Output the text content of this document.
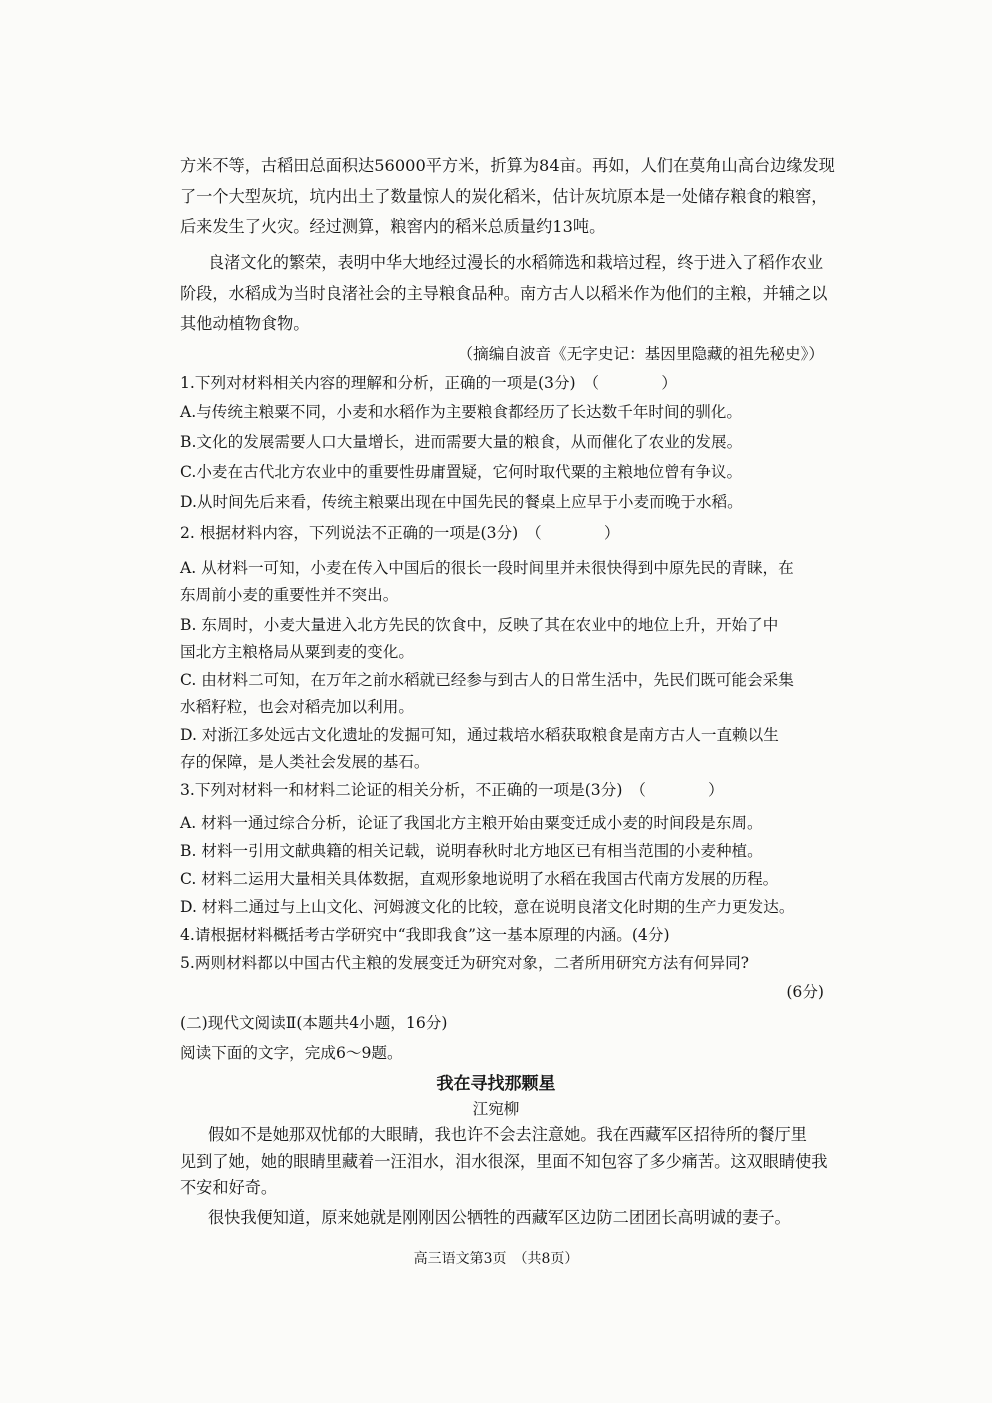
方米不等，古稻田总面积达56000平方米，折算为84亩。再如，人们在莫角山高台边缘发现
了一个大型灰坑，坑内出土了数量惊人的炭化稻米，估计灰坑原本是一处储存粮食的粮窖，
后来发生了火灾。经过测算，粮窖内的稻米总质量约13吨。
良渚文化的繁荣，表明中华大地经过漫长的水稻筛选和栽培过程，终于进入了稻作农业
阶段，水稻成为当时良渚社会的主导粮食品种。南方古人以稻米作为他们的主粮，并辅之以
其他动植物食物。
（摘编自波音《无字史记：基因里隐藏的祖先秘史》）
1.下列对材料相关内容的理解和分析，正确的一项是(3分)　（　　　　）
A.与传统主粮粟不同，小麦和水稻作为主要粮食都经历了长达数千年时间的驯化。
B.文化的发展需要人口大量增长，进而需要大量的粮食，从而催化了农业的发展。
C.小麦在古代北方农业中的重要性毋庸置疑，它何时取代粟的主粮地位曾有争议。
D.从时间先后来看，传统主粮粟出现在中国先民的餐桌上应早于小麦而晚于水稻。
2. 根据材料内容，下列说法不正确的一项是(3分)　（　　　　）
A. 从材料一可知，小麦在传入中国后的很长一段时间里并未很快得到中原先民的青睐，在
东周前小麦的重要性并不突出。
B. 东周时，小麦大量进入北方先民的饮食中，反映了其在农业中的地位上升，开始了中
国北方主粮格局从粟到麦的变化。
C. 由材料二可知，在万年之前水稻就已经参与到古人的日常生活中，先民们既可能会采集
水稻籽粒，也会对稻壳加以利用。
D. 对浙江多处远古文化遗址的发掘可知，通过栽培水稻获取粮食是南方古人一直赖以生
存的保障，是人类社会发展的基石。
3.下列对材料一和材料二论证的相关分析，不正确的一项是(3分)　（　　　　）
A. 材料一通过综合分析，论证了我国北方主粮开始由粟变迁成小麦的时间段是东周。
B. 材料一引用文献典籍的相关记载，说明春秋时北方地区已有相当范围的小麦种植。
C. 材料二运用大量相关具体数据，直观形象地说明了水稻在我国古代南方发展的历程。
D. 材料二通过与上山文化、河姆渡文化的比较，意在说明良渚文化时期的生产力更发达。
4.请根据材料概括考古学研究中“我即我食”这一基本原理的内涵。(4分)
5.两则材料都以中国古代主粮的发展变迁为研究对象，二者所用研究方法有何异同?
(6分)
(二)现代文阅读Ⅱ(本题共4小题，16分)
阅读下面的文字，完成6～9题。
我在寻找那颗星
江宛柳
假如不是她那双忧郁的大眼睛，我也许不会去注意她。我在西藏军区招待所的餐厅里
见到了她，她的眼睛里藏着一汪泪水，泪水很深，里面不知包容了多少痛苦。这双眼睛使我
不安和好奇。
很快我便知道，原来她就是刚刚因公牺牲的西藏军区边防二团团长高明诚的妻子。
高三语文第3页　（共8页）
